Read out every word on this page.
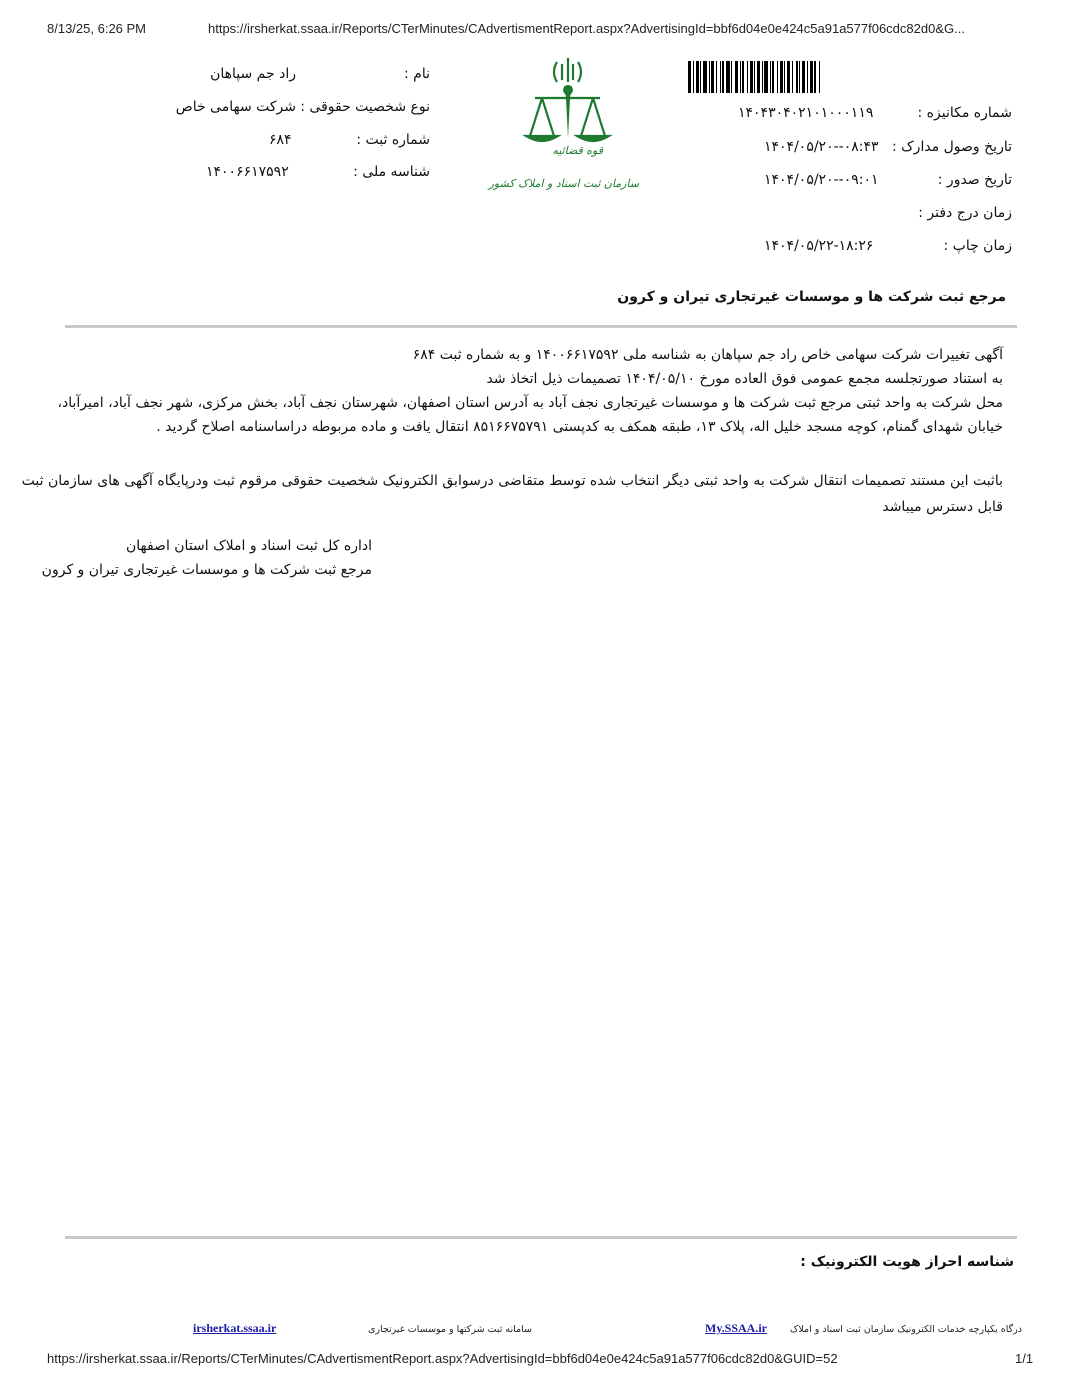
8/13/25, 6:26 PM	https://irsherkat.ssaa.ir/Reports/CTerMinutes/CAdvertismentReport.aspx?AdvertisingId=bbf6d04e0e424c5a91a577f06cdc82d0&G...
شماره مکانیزه :
۱۴۰۴۳۰۴۰۲۱۰۱۰۰۰۱۱۹
تاریخ وصول مدارک :
۱۴۰۴/۰۵/۲۰--۰۸:۴۳
تاریخ صدور :
۱۴۰۴/۰۵/۲۰--۰۹:۰۱
زمان درج دفتر :
زمان چاپ :
۱۴۰۴/۰۵/۲۲-۱۸:۲۶
قوه قضائیه
سازمان ثبت اسناد و املاک کشور
نام :
راد جم سپاهان
نوع شخصیت حقوقی :
شرکت سهامی خاص
شماره ثبت :
۶۸۴
شناسه ملی :
۱۴۰۰۶۶۱۷۵۹۲
مرجع ثبت شرکت ها و موسسات غیرتجاری تیران و کرون
آگهی تغییرات شرکت سهامی خاص راد جم سپاهان به شناسه ملی ۱۴۰۰۶۶۱۷۵۹۲ و به شماره ثبت ۶۸۴
به استناد صورتجلسه مجمع عمومی فوق العاده مورخ ۱۴۰۴/۰۵/۱۰ تصمیمات ذیل اتخاذ شد
محل شرکت به واحد ثبتی مرجع ثبت شرکت ها و موسسات غیرتجاری نجف آباد به آدرس استان اصفهان، شهرستان نجف آباد، بخش مرکزی، شهر نجف آباد، امیرآباد،
خیابان شهدای گمنام، کوچه مسجد خلیل اله، پلاک ۱۳، طبقه همکف به کدپستی ۸۵۱۶۶۷۵۷۹۱ انتقال یافت و ماده مربوطه دراساسنامه اصلاح گردید .
باثبت این مستند تصمیمات انتقال شرکت به واحد ثبتی دیگر انتخاب شده توسط متقاضی درسوابق الکترونیک شخصیت حقوقی مرقوم ثبت ودرپایگاه آگهی های سازمان ثبت
قابل دسترس میباشد
اداره کل ثبت اسناد و املاک استان اصفهان
مرجع ثبت شرکت ها و موسسات غیرتجاری تیران و کرون
شناسه احراز هویت الکترونیک :
درگاه یکپارچه خدمات الکترونیک سازمان ثبت اسناد و املاک
My.SSAA.ir
سامانه ثبت شرکتها و موسسات غیرتجاری
irsherkat.ssaa.ir
https://irsherkat.ssaa.ir/Reports/CTerMinutes/CAdvertismentReport.aspx?AdvertisingId=bbf6d04e0e424c5a91a577f06cdc82d0&GUID=52	1/1
